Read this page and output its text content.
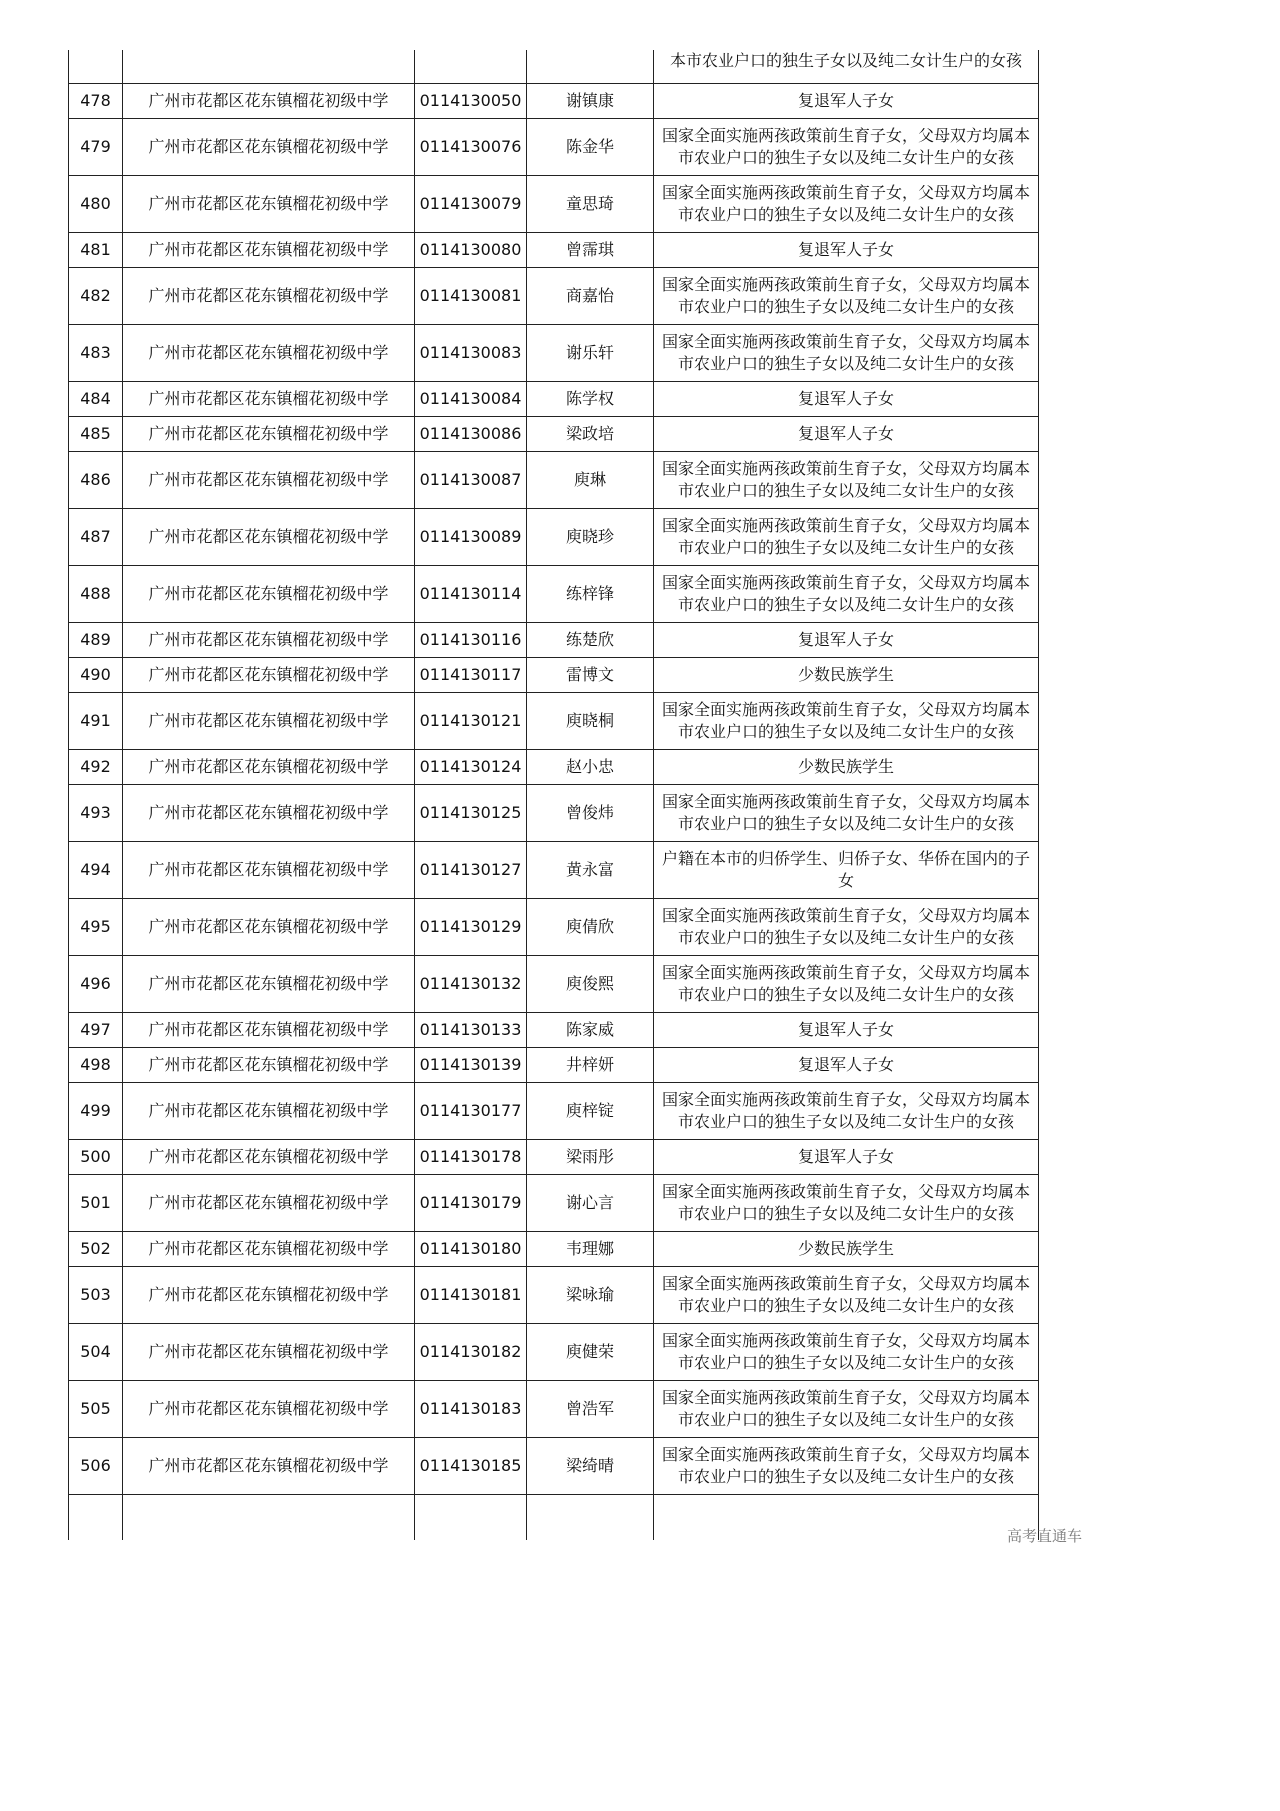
				本市农业户口的独生子女以及纯二女计生户的女孩
478	广州市花都区花东镇榴花初级中学	0114130050	谢镇康	复退军人子女
479	广州市花都区花东镇榴花初级中学	0114130076	陈金华	国家全面实施两孩政策前生育子女，父母双方均属本市农业户口的独生子女以及纯二女计生户的女孩
480	广州市花都区花东镇榴花初级中学	0114130079	童思琦	国家全面实施两孩政策前生育子女，父母双方均属本市农业户口的独生子女以及纯二女计生户的女孩
481	广州市花都区花东镇榴花初级中学	0114130080	曾霈琪	复退军人子女
482	广州市花都区花东镇榴花初级中学	0114130081	商嘉怡	国家全面实施两孩政策前生育子女，父母双方均属本市农业户口的独生子女以及纯二女计生户的女孩
483	广州市花都区花东镇榴花初级中学	0114130083	谢乐轩	国家全面实施两孩政策前生育子女，父母双方均属本市农业户口的独生子女以及纯二女计生户的女孩
484	广州市花都区花东镇榴花初级中学	0114130084	陈学权	复退军人子女
485	广州市花都区花东镇榴花初级中学	0114130086	梁政培	复退军人子女
486	广州市花都区花东镇榴花初级中学	0114130087	庾琳	国家全面实施两孩政策前生育子女，父母双方均属本市农业户口的独生子女以及纯二女计生户的女孩
487	广州市花都区花东镇榴花初级中学	0114130089	庾晓珍	国家全面实施两孩政策前生育子女，父母双方均属本市农业户口的独生子女以及纯二女计生户的女孩
488	广州市花都区花东镇榴花初级中学	0114130114	练梓锋	国家全面实施两孩政策前生育子女，父母双方均属本市农业户口的独生子女以及纯二女计生户的女孩
489	广州市花都区花东镇榴花初级中学	0114130116	练楚欣	复退军人子女
490	广州市花都区花东镇榴花初级中学	0114130117	雷博文	少数民族学生
491	广州市花都区花东镇榴花初级中学	0114130121	庾晓桐	国家全面实施两孩政策前生育子女，父母双方均属本市农业户口的独生子女以及纯二女计生户的女孩
492	广州市花都区花东镇榴花初级中学	0114130124	赵小忠	少数民族学生
493	广州市花都区花东镇榴花初级中学	0114130125	曾俊炜	国家全面实施两孩政策前生育子女，父母双方均属本市农业户口的独生子女以及纯二女计生户的女孩
494	广州市花都区花东镇榴花初级中学	0114130127	黄永富	户籍在本市的归侨学生、归侨子女、华侨在国内的子女
495	广州市花都区花东镇榴花初级中学	0114130129	庾倩欣	国家全面实施两孩政策前生育子女，父母双方均属本市农业户口的独生子女以及纯二女计生户的女孩
496	广州市花都区花东镇榴花初级中学	0114130132	庾俊熙	国家全面实施两孩政策前生育子女，父母双方均属本市农业户口的独生子女以及纯二女计生户的女孩
497	广州市花都区花东镇榴花初级中学	0114130133	陈家威	复退军人子女
498	广州市花都区花东镇榴花初级中学	0114130139	井梓妍	复退军人子女
499	广州市花都区花东镇榴花初级中学	0114130177	庾梓锭	国家全面实施两孩政策前生育子女，父母双方均属本市农业户口的独生子女以及纯二女计生户的女孩
500	广州市花都区花东镇榴花初级中学	0114130178	梁雨彤	复退军人子女
501	广州市花都区花东镇榴花初级中学	0114130179	谢心言	国家全面实施两孩政策前生育子女，父母双方均属本市农业户口的独生子女以及纯二女计生户的女孩
502	广州市花都区花东镇榴花初级中学	0114130180	韦理娜	少数民族学生
503	广州市花都区花东镇榴花初级中学	0114130181	梁咏瑜	国家全面实施两孩政策前生育子女，父母双方均属本市农业户口的独生子女以及纯二女计生户的女孩
504	广州市花都区花东镇榴花初级中学	0114130182	庾健荣	国家全面实施两孩政策前生育子女，父母双方均属本市农业户口的独生子女以及纯二女计生户的女孩
505	广州市花都区花东镇榴花初级中学	0114130183	曾浩军	国家全面实施两孩政策前生育子女，父母双方均属本市农业户口的独生子女以及纯二女计生户的女孩
506	广州市花都区花东镇榴花初级中学	0114130185	梁绮晴	国家全面实施两孩政策前生育子女，父母双方均属本市农业户口的独生子女以及纯二女计生户的女孩

高考直通车
